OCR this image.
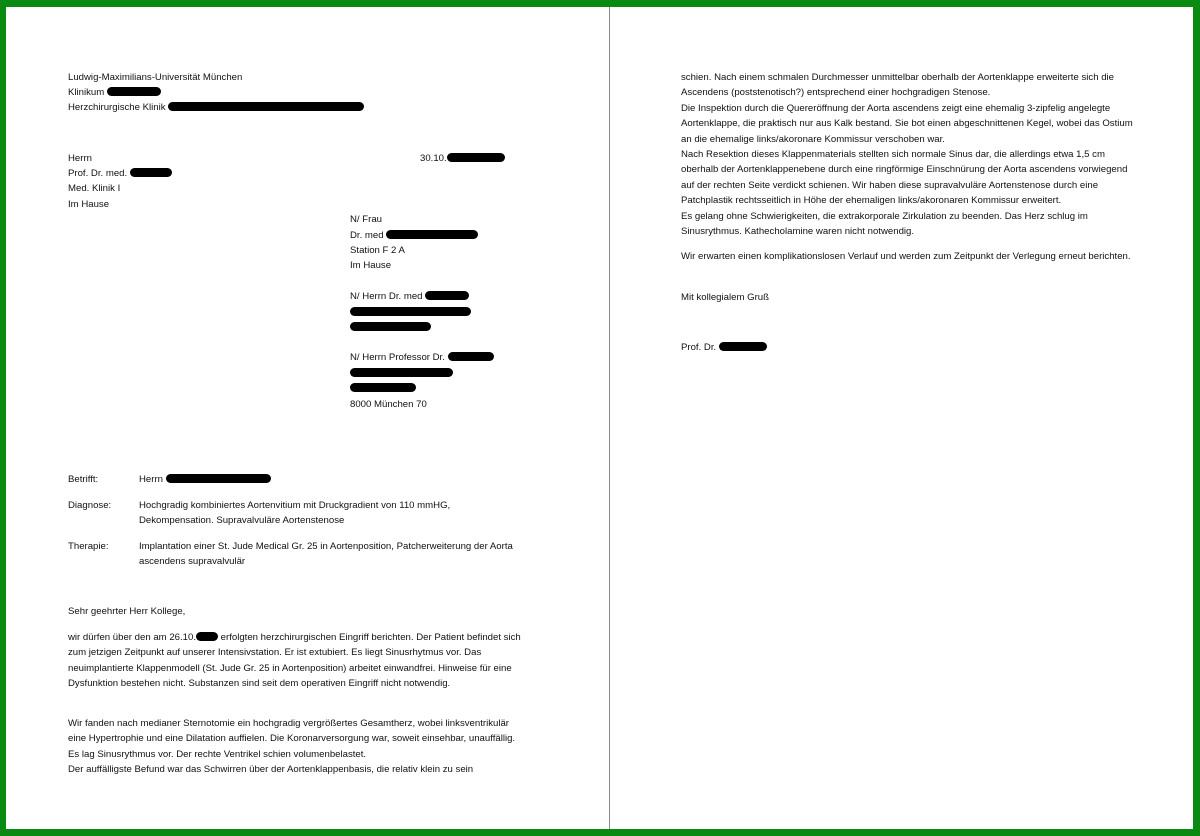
Ludwig-Maximilians-Universität München
Klinikum
Herzchirurgische Klinik
Herrn
Prof. Dr. med.
Med. Klinik I
Im Hause
30.10.
N/ Frau
Dr. med
Station F 2 A
Im Hause
N/ Herrn Dr. med
N/ Herrn Professor Dr.
8000 München 70
Betrifft:	Herrn
Diagnose:	Hochgradig kombiniertes Aortenvitium mit Druckgradient von 110 mmHG, Dekompensation. Supravalvuläre Aortenstenose
Therapie:	Implantation einer St. Jude Medical Gr. 25 in Aortenposition, Patcherweiterung der Aorta ascendens supravalvulär
Sehr geehrter Herr Kollege,
wir dürfen über den am 26.10.	erfolgten herzchirurgischen Eingriff berichten. Der Patient befindet sich zum jetzigen Zeitpunkt auf unserer Intensivstation. Er ist extubiert. Es liegt Sinusrhytmus vor. Das neuimplantierte Klappenmodell (St. Jude Gr. 25 in Aortenposition) arbeitet einwandfrei. Hinweise für eine Dysfunktion bestehen nicht. Substanzen sind seit dem operativen Eingriff nicht notwendig.
Wir fanden nach medianer Sternotomie ein hochgradig vergrößertes Gesamtherz, wobei linksventrikulär eine Hypertrophie und eine Dilatation auffielen. Die Koronarversorgung war, soweit einsehbar, unauffällig. Es lag Sinusrythmus vor. Der rechte Ventrikel schien volumenbelastet.
Der auffälligste Befund war das Schwirren über der Aortenklappenbasis, die relativ klein zu sein
schien. Nach einem schmalen Durchmesser unmittelbar oberhalb der Aortenklappe erweiterte sich die Ascendens (poststenotisch?) entsprechend einer hochgradigen Stenose.
Die Inspektion durch die Quereröffnung der Aorta ascendens zeigt eine ehemalig 3-zipfelig angelegte Aortenklappe, die praktisch nur aus Kalk bestand. Sie bot einen abgeschnittenen Kegel, wobei das Ostium an die ehemalige links/akoronare Kommissur verschoben war.
Nach Resektion dieses Klappenmaterials stellten sich normale Sinus dar, die allerdings etwa 1,5 cm oberhalb der Aortenklappenebene durch eine ringförmige Einschnürung der Aorta ascendens vorwiegend auf der rechten Seite verdickt schienen. Wir haben diese supravalvuläre Aortenstenose durch eine Patchplastik rechtsseitlich in Höhe der ehemaligen links/akoronaren Kommissur erweitert.
Es gelang ohne Schwierigkeiten, die extrakorporale Zirkulation zu beenden. Das Herz schlug im Sinusrythmus. Kathecholamine waren nicht notwendig.
Wir erwarten einen komplikationslosen Verlauf und werden zum Zeitpunkt der Verlegung erneut berichten.
Mit kollegialem Gruß
Prof. Dr.
